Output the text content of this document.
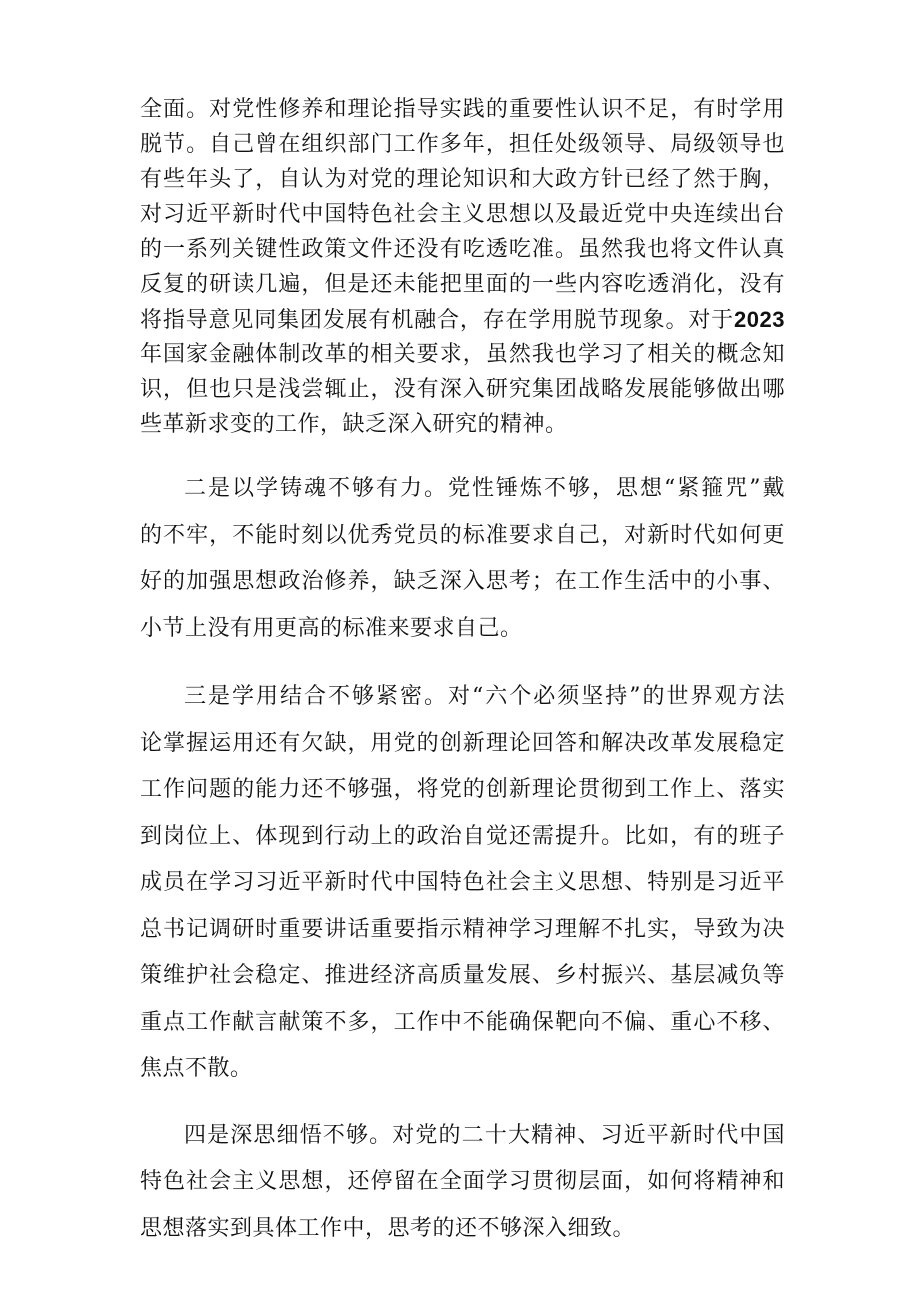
全面。对党性修养和理论指导实践的重要性认识不足，有时学用
脱节。自己曾在组织部门工作多年，担任处级领导、局级领导也
有些年头了，自认为对党的理论知识和大政方针已经了然于胸，
对习近平新时代中国特色社会主义思想以及最近党中央连续出台
的一系列关键性政策文件还没有吃透吃准。虽然我也将文件认真
反复的研读几遍，但是还未能把里面的一些内容吃透消化，没有
将指导意见同集团发展有机融合，存在学用脱节现象。对于2023
年国家金融体制改革的相关要求，虽然我也学习了相关的概念知
识，但也只是浅尝辄止，没有深入研究集团战略发展能够做出哪
些革新求变的工作，缺乏深入研究的精神。
二是以学铸魂不够有力。党性锤炼不够，思想“紧箍咒”戴
的不牢，不能时刻以优秀党员的标准要求自己，对新时代如何更
好的加强思想政治修养，缺乏深入思考；在工作生活中的小事、
小节上没有用更高的标准来要求自己。
三是学用结合不够紧密。对“六个必须坚持”的世界观方法
论掌握运用还有欠缺，用党的创新理论回答和解决改革发展稳定
工作问题的能力还不够强，将党的创新理论贯彻到工作上、落实
到岗位上、体现到行动上的政治自觉还需提升。比如，有的班子
成员在学习习近平新时代中国特色社会主义思想、特别是习近平
总书记调研时重要讲话重要指示精神学习理解不扎实，导致为决
策维护社会稳定、推进经济高质量发展、乡村振兴、基层减负等
重点工作献言献策不多，工作中不能确保靶向不偏、重心不移、
焦点不散。
四是深思细悟不够。对党的二十大精神、习近平新时代中国
特色社会主义思想，还停留在全面学习贯彻层面，如何将精神和
思想落实到具体工作中，思考的还不够深入细致。
